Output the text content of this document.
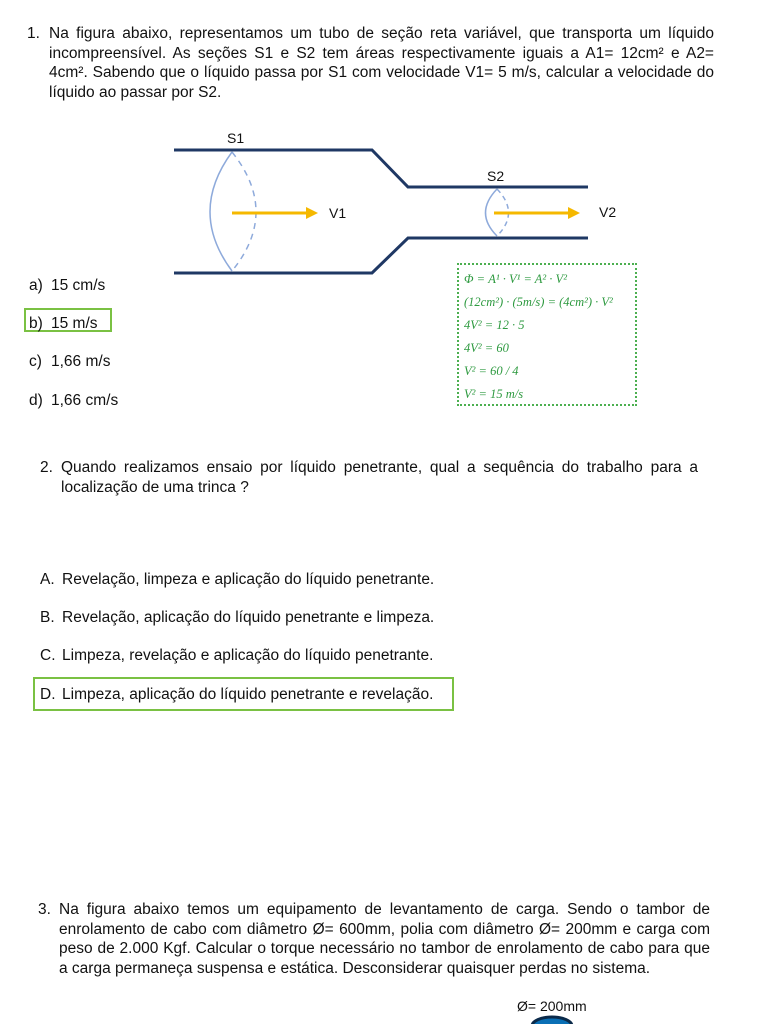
1. Na figura abaixo, representamos um tubo de seção reta variável, que transporta um líquido incompreensível. As seções S1 e S2 tem áreas respectivamente iguais a A1= 12cm² e A2= 4cm². Sabendo que o líquido passa por S1 com velocidade V1= 5 m/s, calcular a velocidade do líquido ao passar por S2.
S1
S2
V1	V2
a) 15 cm/s
b) 15 m/s
c) 1,66 m/s
d) 1,66 cm/s
Φ = A¹ · V¹ = A² · V²
(12cm²) · (5m/s) = (4cm²) · V²
4V² = 12 · 5
4V² = 60
V² = 60 / 4
V² = 15 m/s
2. Quando realizamos ensaio por líquido penetrante, qual a sequência do trabalho para a localização de uma trinca ?
A. Revelação, limpeza e aplicação do líquido penetrante.
B. Revelação, aplicação do líquido penetrante e limpeza.
C. Limpeza, revelação e aplicação do líquido penetrante.
D. Limpeza, aplicação do líquido penetrante e revelação.
3. Na figura abaixo temos um equipamento de levantamento de carga. Sendo o tambor de enrolamento de cabo com diâmetro Ø= 600mm, polia com diâmetro Ø= 200mm e carga com peso de 2.000 Kgf. Calcular o torque necessário no tambor de enrolamento de cabo para que a carga permaneça suspensa e estática. Desconsiderar quaisquer perdas no sistema.
Ø= 200mm
